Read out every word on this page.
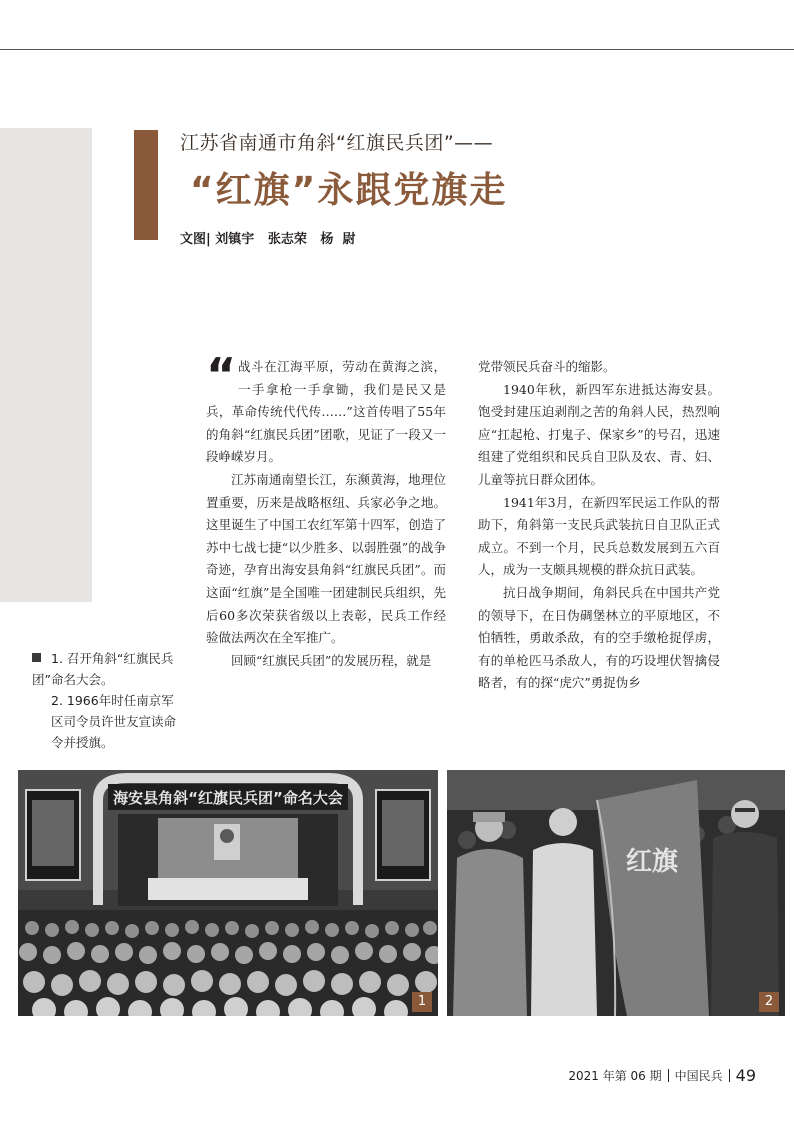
江苏省南通市角斜“红旗民兵团”——
“红旗”永跟党旗走
文图| 刘镇宇   张志荣   杨  尉
“ 战斗在江海平原，劳动在黄海之滨，一手拿枪一手拿锄，我们是民又是兵，革命传统代代传……”这首传唱了55年的角斜“红旗民兵团”团歌，见证了一段又一段峥嵘岁月。

江苏南通南望长江，东濒黄海，地理位置重要，历来是战略枢纽、兵家必争之地。这里诞生了中国工农红军第十四军，创造了苏中七战七捷“以少胜多、以弱胜强”的战争奇迹，孕育出海安县角斜“红旗民兵团”。而这面“红旗”是全国唯一团建制民兵组织，先后60多次荣获省级以上表彰，民兵工作经验做法两次在全军推广。

回顾“红旗民兵团”的发展历程，就是

党带领民兵奋斗的缩影。

1940年秋，新四军东进抵达海安县。饱受封建压迫剥削之苦的角斜人民，热烈响应“扛起枪、打鬼子、保家乡”的号召，迅速组建了党组织和民兵自卫队及农、青、妇、儿童等抗日群众团体。

1941年3月，在新四军民运工作队的帮助下，角斜第一支民兵武装抗日自卫队正式成立。不到一个月，民兵总数发展到五六百人，成为一支颇具规模的群众抗日武装。

抗日战争期间，角斜民兵在中国共产党的领导下，在日伪碉堡林立的平原地区，不怕牺牲，勇敢杀敌，有的空手缴枪捉俘虏，有的单枪匹马杀敌人，有的巧设埋伏智擒侵略者，有的探“虎穴”勇捉伪乡

1. 召开角斜“红旗民兵团”命名大会。
2. 1966年时任南京军区司令员许世友宣读命令并授旗。
海安县角斜“红旗民兵团”命名大会
1
红旗
2
2021 年第 06 期 中国民兵 49
